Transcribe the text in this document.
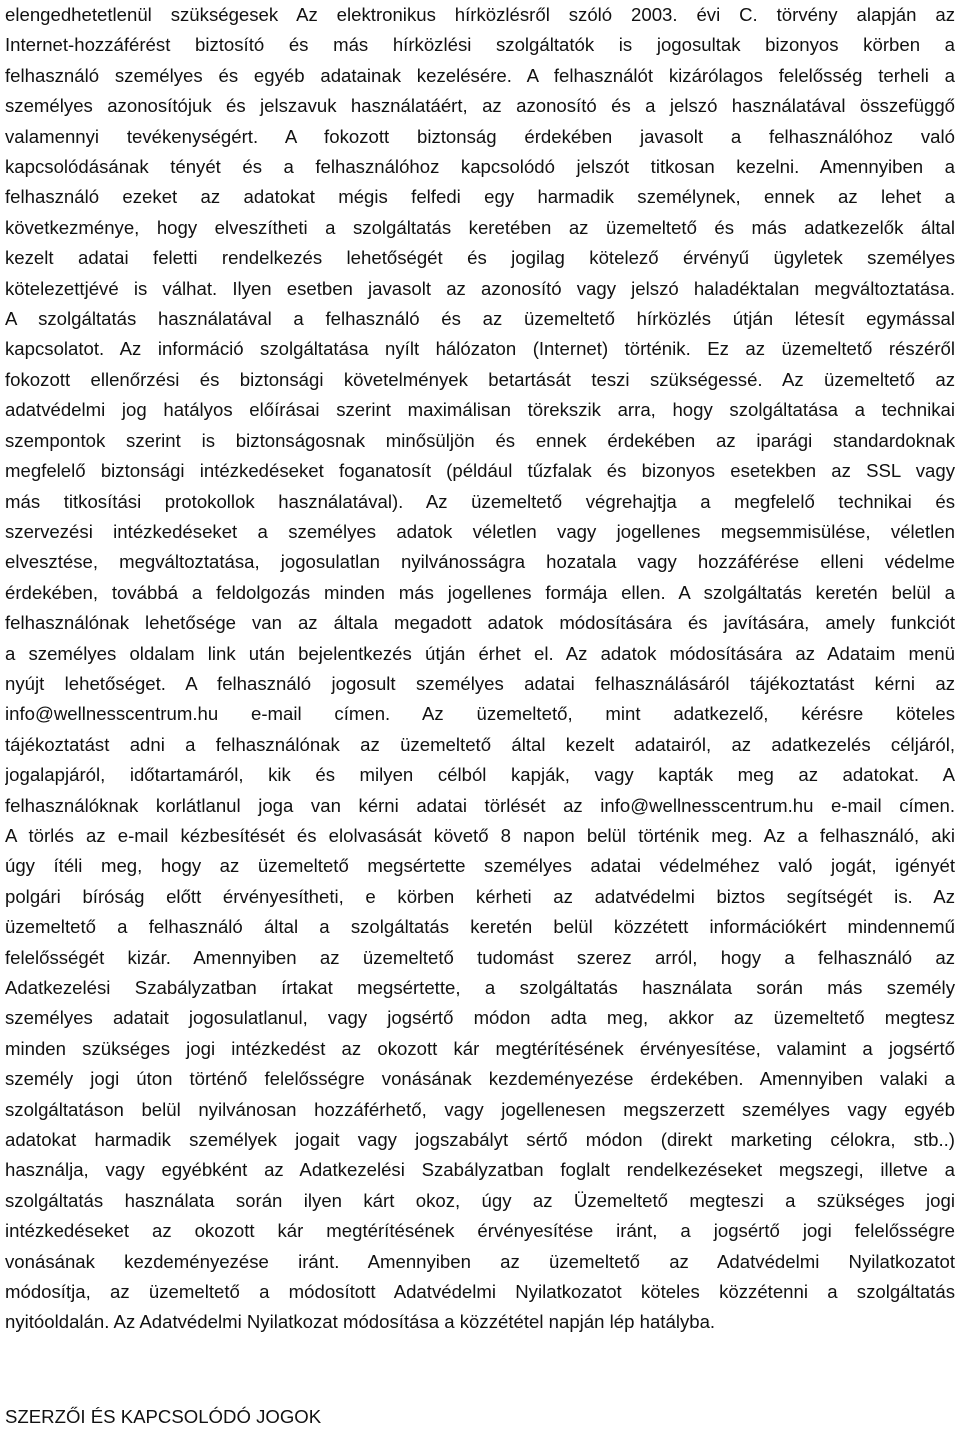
elengedhetetlenül szükségesek Az elektronikus hírközlésről szóló 2003. évi C. törvény alapján az
Internet-hozzáférést biztosító és más hírközlési szolgáltatók is jogosultak bizonyos körben a
felhasználó személyes és egyéb adatainak kezelésére. A felhasználót kizárólagos felelősség terheli a
személyes azonosítójuk és jelszavuk használatáért, az azonosító és a jelszó használatával összefüggő
valamennyi tevékenységért. A fokozott biztonság érdekében javasolt a felhasználóhoz való
kapcsolódásának tényét és a felhasználóhoz kapcsolódó jelszót titkosan kezelni. Amennyiben a
felhasználó ezeket az adatokat mégis felfedi egy harmadik személynek, ennek az lehet a
következménye, hogy elveszítheti a szolgáltatás keretében az üzemeltető és más adatkezelők által
kezelt adatai feletti rendelkezés lehetőségét és jogilag kötelező érvényű ügyletek személyes
kötelezettjévé is válhat. Ilyen esetben javasolt az azonosító vagy jelszó haladéktalan megváltoztatása.
A szolgáltatás használatával a felhasználó és az üzemeltető hírközlés útján létesít egymással
kapcsolatot. Az információ szolgáltatása nyílt hálózaton (Internet) történik. Ez az üzemeltető részéről
fokozott ellenőrzési és biztonsági követelmények betartását teszi szükségessé. Az üzemeltető az
adatvédelmi jog hatályos előírásai szerint maximálisan törekszik arra, hogy szolgáltatása a technikai
szempontok szerint is biztonságosnak minősüljön és ennek érdekében az iparági standardoknak
megfelelő biztonsági intézkedéseket foganatosít (például tűzfalak és bizonyos esetekben az SSL vagy
más titkosítási protokollok használatával). Az üzemeltető végrehajtja a megfelelő technikai és
szervezési intézkedéseket a személyes adatok véletlen vagy jogellenes megsemmisülése, véletlen
elvesztése, megváltoztatása, jogosulatlan nyilvánosságra hozatala vagy hozzáférése elleni védelme
érdekében, továbbá a feldolgozás minden más jogellenes formája ellen. A szolgáltatás keretén belül a
felhasználónak lehetősége van az általa megadott adatok módosítására és javítására, amely funkciót
a személyes oldalam link után bejelentkezés útján érhet el. Az adatok módosítására az Adataim menü
nyújt lehetőséget. A felhasználó jogosult személyes adatai felhasználásáról tájékoztatást kérni az
info@wellnesscentrum.hu e-mail címen. Az üzemeltető, mint adatkezelő, kérésre köteles
tájékoztatást adni a felhasználónak az üzemeltető által kezelt adatairól, az adatkezelés céljáról,
jogalapjáról, időtartamáról, kik és milyen célból kapják, vagy kapták meg az adatokat. A
felhasználóknak korlátlanul joga van kérni adatai törlését az info@wellnesscentrum.hu e-mail címen.
A törlés az e-mail kézbesítését és elolvasását követő 8 napon belül történik meg. Az a felhasználó, aki
úgy ítéli meg, hogy az üzemeltető megsértette személyes adatai védelméhez való jogát, igényét
polgári bíróság előtt érvényesítheti, e körben kérheti az adatvédelmi biztos segítségét is. Az
üzemeltető a felhasználó által a szolgáltatás keretén belül közzétett információkért mindennemű
felelősségét kizár. Amennyiben az üzemeltető tudomást szerez arról, hogy a felhasználó az
Adatkezelési Szabályzatban írtakat megsértette, a szolgáltatás használata során más személy
személyes adatait jogosulatlanul, vagy jogsértő módon adta meg, akkor az üzemeltető megtesz
minden szükséges jogi intézkedést az okozott kár megtérítésének érvényesítése, valamint a jogsértő
személy jogi úton történő felelősségre vonásának kezdeményezése érdekében. Amennyiben valaki a
szolgáltatáson belül nyilvánosan hozzáférhető, vagy jogellenesen megszerzett személyes vagy egyéb
adatokat harmadik személyek jogait vagy jogszabályt sértő módon (direkt marketing célokra, stb..)
használja, vagy egyébként az Adatkezelési Szabályzatban foglalt rendelkezéseket megszegi, illetve a
szolgáltatás használata során ilyen kárt okoz, úgy az Üzemeltető megteszi a szükséges jogi
intézkedéseket az okozott kár megtérítésének érvényesítése iránt, a jogsértő jogi felelősségre
vonásának kezdeményezése iránt. Amennyiben az üzemeltető az Adatvédelmi Nyilatkozatot
módosítja, az üzemeltető a módosított Adatvédelmi Nyilatkozatot köteles közzétenni a szolgáltatás
nyitóoldalán. Az Adatvédelmi Nyilatkozat módosítása a közzététel napján lép hatályba.

SZERZŐI ÉS KAPCSOLÓDÓ JOGOK
